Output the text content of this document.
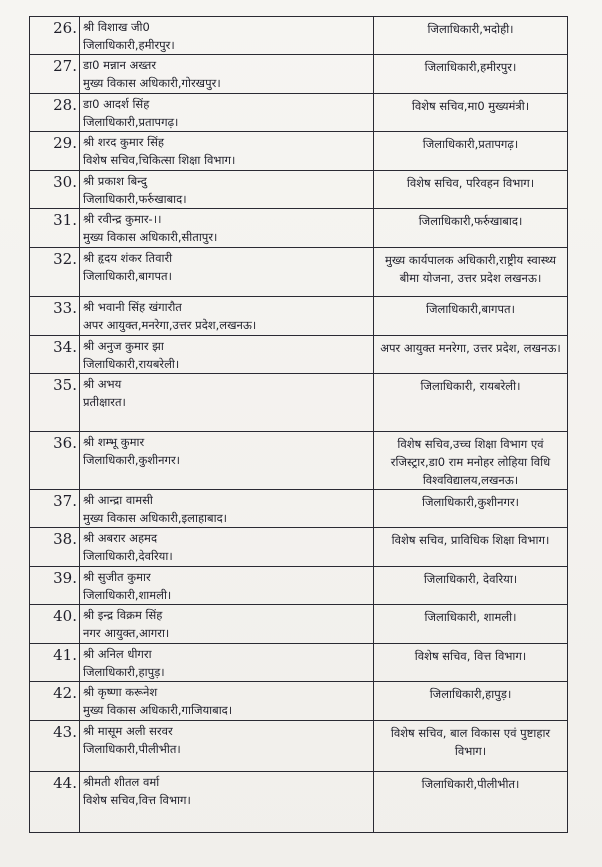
26.	श्री विशाख जी0
जिलाधिकारी,हमीरपुर।	जिलाधिकारी,भदोही।

27.	डा0 मन्नान अख्तर
मुख्य विकास अधिकारी,गोरखपुर।	जिलाधिकारी,हमीरपुर।

28.	डा0 आदर्श सिंह
जिलाधिकारी,प्रतापगढ़।	विशेष सचिव,मा0 मुख्यमंत्री।

29.	श्री शरद कुमार सिंह
विशेष सचिव,चिकित्सा शिक्षा विभाग।	जिलाधिकारी,प्रतापगढ़।

30.	श्री प्रकाश बिन्दु
जिलाधिकारी,फर्रुखाबाद।	विशेष सचिव, परिवहन विभाग।

31.	श्री रवीन्द्र कुमार-।।
मुख्य विकास अधिकारी,सीतापुर।	जिलाधिकारी,फर्रुखाबाद।

32.	श्री हृदय शंकर तिवारी
जिलाधिकारी,बागपत।	मुख्य कार्यपालक अधिकारी,राष्ट्रीय स्वास्थ्य बीमा योजना, उत्तर प्रदेश लखनऊ।

33.	श्री भवानी सिंह खंगारौत
अपर आयुक्त,मनरेगा,उत्तर प्रदेश,लखनऊ।	जिलाधिकारी,बागपत।

34.	श्री अनुज कुमार झा
जिलाधिकारी,रायबरेली।	अपर आयुक्त मनरेगा, उत्तर प्रदेश, लखनऊ।

35.	श्री अभय
प्रतीक्षारत।	जिलाधिकारी, रायबरेली।

36.	श्री शम्भू कुमार
जिलाधिकारी,कुशीनगर।	विशेष सचिव,उच्च शिक्षा विभाग एवं रजिस्ट्रार,डा0 राम मनोहर लोहिया विधि विश्वविद्यालय,लखनऊ।

37.	श्री आन्द्रा वामसी
मुख्य विकास अधिकारी,इलाहाबाद।	जिलाधिकारी,कुशीनगर।

38.	श्री अबरार अहमद
जिलाधिकारी,देवरिया।	विशेष सचिव, प्राविधिक शिक्षा विभाग।

39.	श्री सुजीत कुमार
जिलाधिकारी,शामली।	जिलाधिकारी, देवरिया।

40.	श्री इन्द्र विक्रम सिंह
नगर आयुक्त,आगरा।	जिलाधिकारी, शामली।

41.	श्री अनिल धीगरा
जिलाधिकारी,हापुड़।	विशेष सचिव, वित्त विभाग।

42.	श्री कृष्णा करूनेश
मुख्य विकास अधिकारी,गाजियाबाद।	जिलाधिकारी,हापुड़।

43.	श्री मासूम अली सरवर
जिलाधिकारी,पीलीभीत।	विशेष सचिव, बाल विकास एवं पुष्टाहार विभाग।

44.	श्रीमती शीतल वर्मा
विशेष सचिव,वित्त विभाग।	जिलाधिकारी,पीलीभीत।
